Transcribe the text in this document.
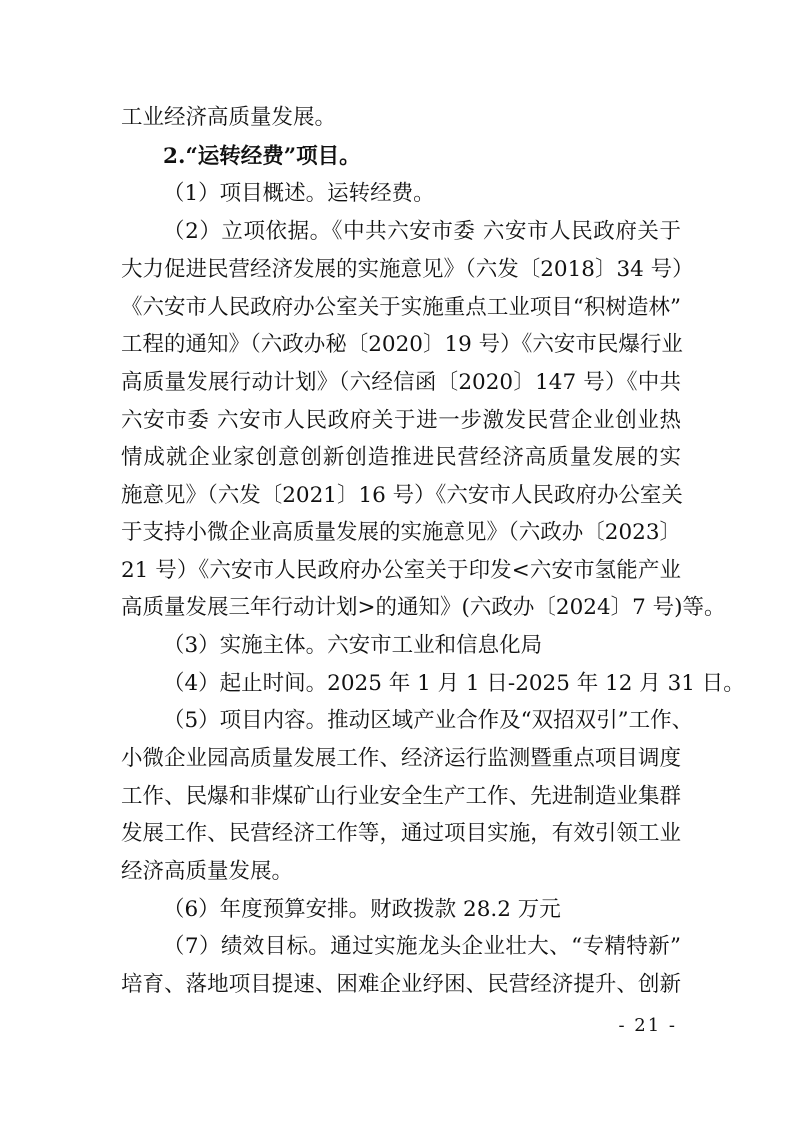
工业经济高质量发展。
2.“运转经费”项目。
（1）项目概述。运转经费。
（2）立项依据。《中共六安市委 六安市人民政府关于
大力促进民营经济发展的实施意见》（六发〔2018〕34 号）
《六安市人民政府办公室关于实施重点工业项目“积树造林”
工程的通知》（六政办秘〔2020〕19 号）《六安市民爆行业
高质量发展行动计划》（六经信函〔2020〕147 号）《中共
六安市委 六安市人民政府关于进一步激发民营企业创业热
情成就企业家创意创新创造推进民营经济高质量发展的实
施意见》（六发〔2021〕16 号）《六安市人民政府办公室关
于支持小微企业高质量发展的实施意见》（六政办〔2023〕
21 号）《六安市人民政府办公室关于印发<六安市氢能产业
高质量发展三年行动计划>的通知》(六政办〔2024〕7 号)等。
（3）实施主体。六安市工业和信息化局
（4）起止时间。2025 年 1 月 1 日-2025 年 12 月 31 日。
（5）项目内容。推动区域产业合作及“双招双引”工作、
小微企业园高质量发展工作、经济运行监测暨重点项目调度
工作、民爆和非煤矿山行业安全生产工作、先进制造业集群
发展工作、民营经济工作等，通过项目实施，有效引领工业
经济高质量发展。
（6）年度预算安排。财政拨款 28.2 万元
（7）绩效目标。通过实施龙头企业壮大、“专精特新”
培育、落地项目提速、困难企业纾困、民营经济提升、创新
- 21 -
